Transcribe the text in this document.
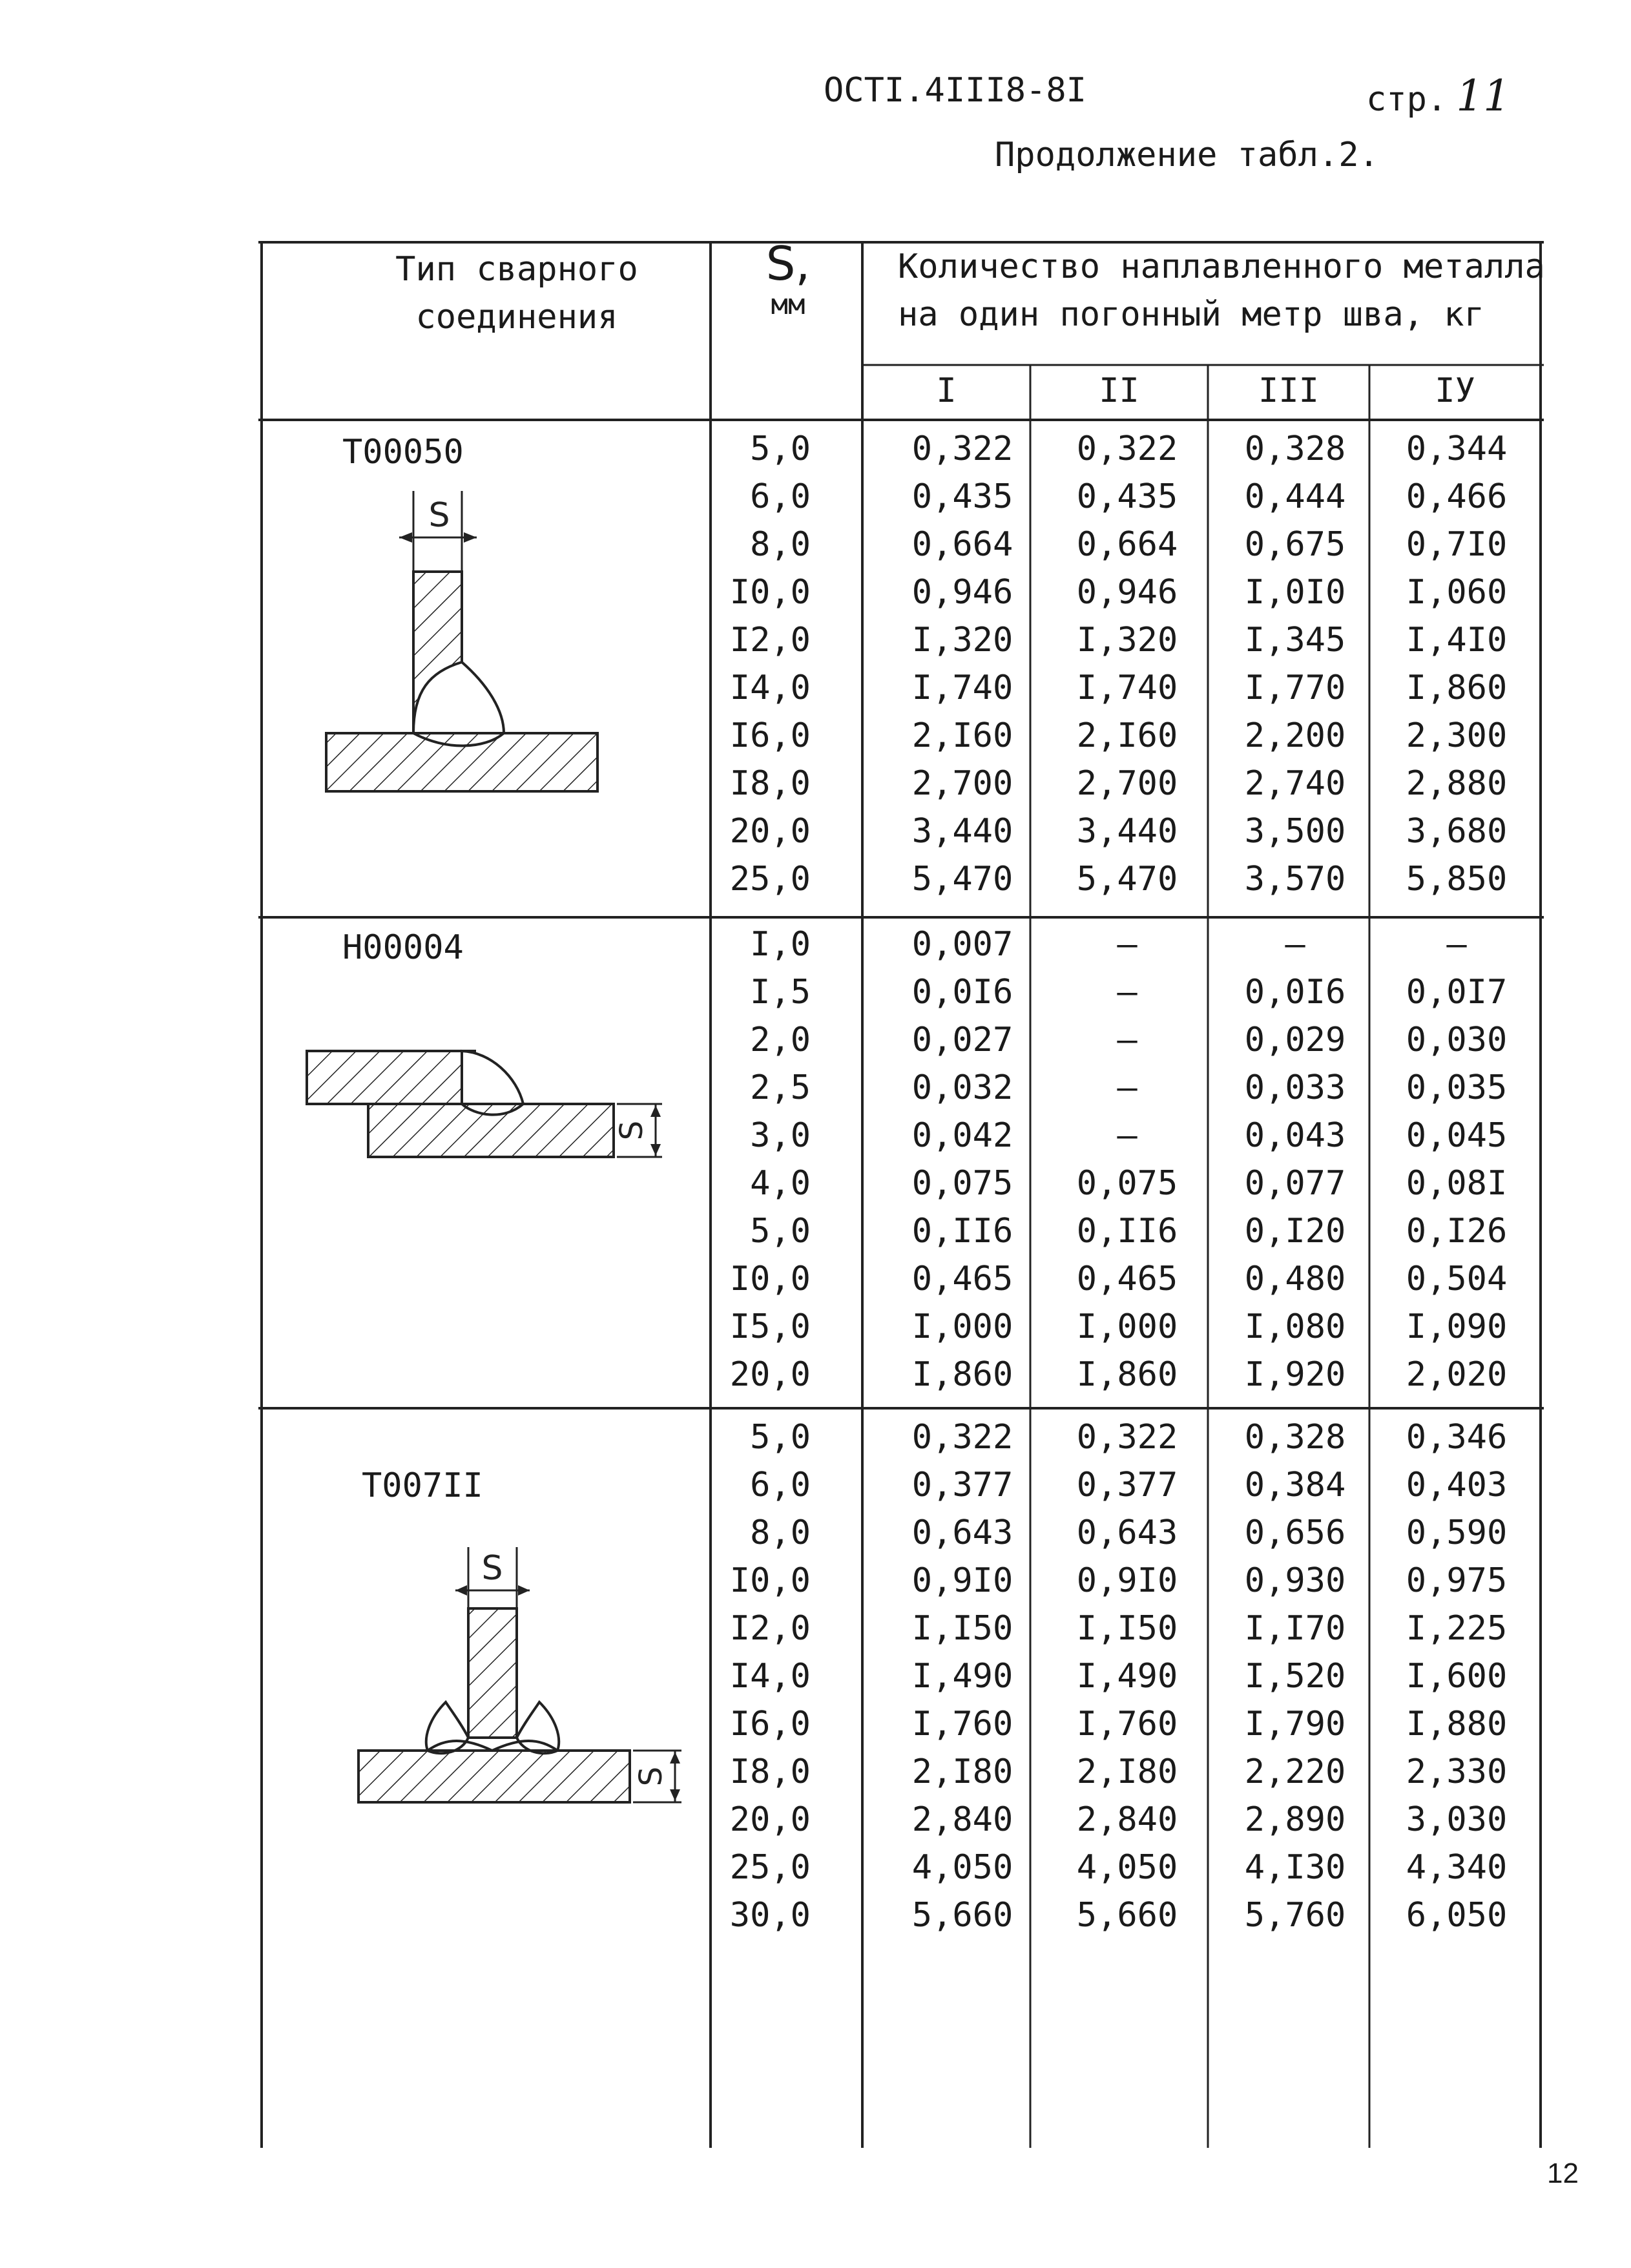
ОСТI.4III8-8I	стр. 11
Продолжение табл.2.
Тип сварного
соединения
S,
мм
Количество наплавленного металла
на один погонный метр шва, кг
I	II	III	IУ
Т00050
S
5,0	0,322	0,322	0,328	0,344
6,0	0,435	0,435	0,444	0,466
8,0	0,664	0,664	0,675	0,7I0
I0,0	0,946	0,946	I,0I0	I,060
I2,0	I,320	I,320	I,345	I,4I0
I4,0	I,740	I,740	I,770	I,860
I6,0	2,I60	2,I60	2,200	2,300
I8,0	2,700	2,700	2,740	2,880
20,0	3,440	3,440	3,500	3,680
25,0	5,470	5,470	3,570	5,850
Н00004
S
I,0	0,007	–	–	–
I,5	0,0I6	–	0,0I6	0,0I7
2,0	0,027	–	0,029	0,030
2,5	0,032	–	0,033	0,035
3,0	0,042	–	0,043	0,045
4,0	0,075	0,075	0,077	0,08I
5,0	0,II6	0,II6	0,I20	0,I26
I0,0	0,465	0,465	0,480	0,504
I5,0	I,000	I,000	I,080	I,090
20,0	I,860	I,860	I,920	2,020
Т007II
S
S
5,0	0,322	0,322	0,328	0,346
6,0	0,377	0,377	0,384	0,403
8,0	0,643	0,643	0,656	0,590
I0,0	0,9I0	0,9I0	0,930	0,975
I2,0	I,I50	I,I50	I,I70	I,225
I4,0	I,490	I,490	I,520	I,600
I6,0	I,760	I,760	I,790	I,880
I8,0	2,I80	2,I80	2,220	2,330
20,0	2,840	2,840	2,890	3,030
25,0	4,050	4,050	4,I30	4,340
30,0	5,660	5,660	5,760	6,050
12
